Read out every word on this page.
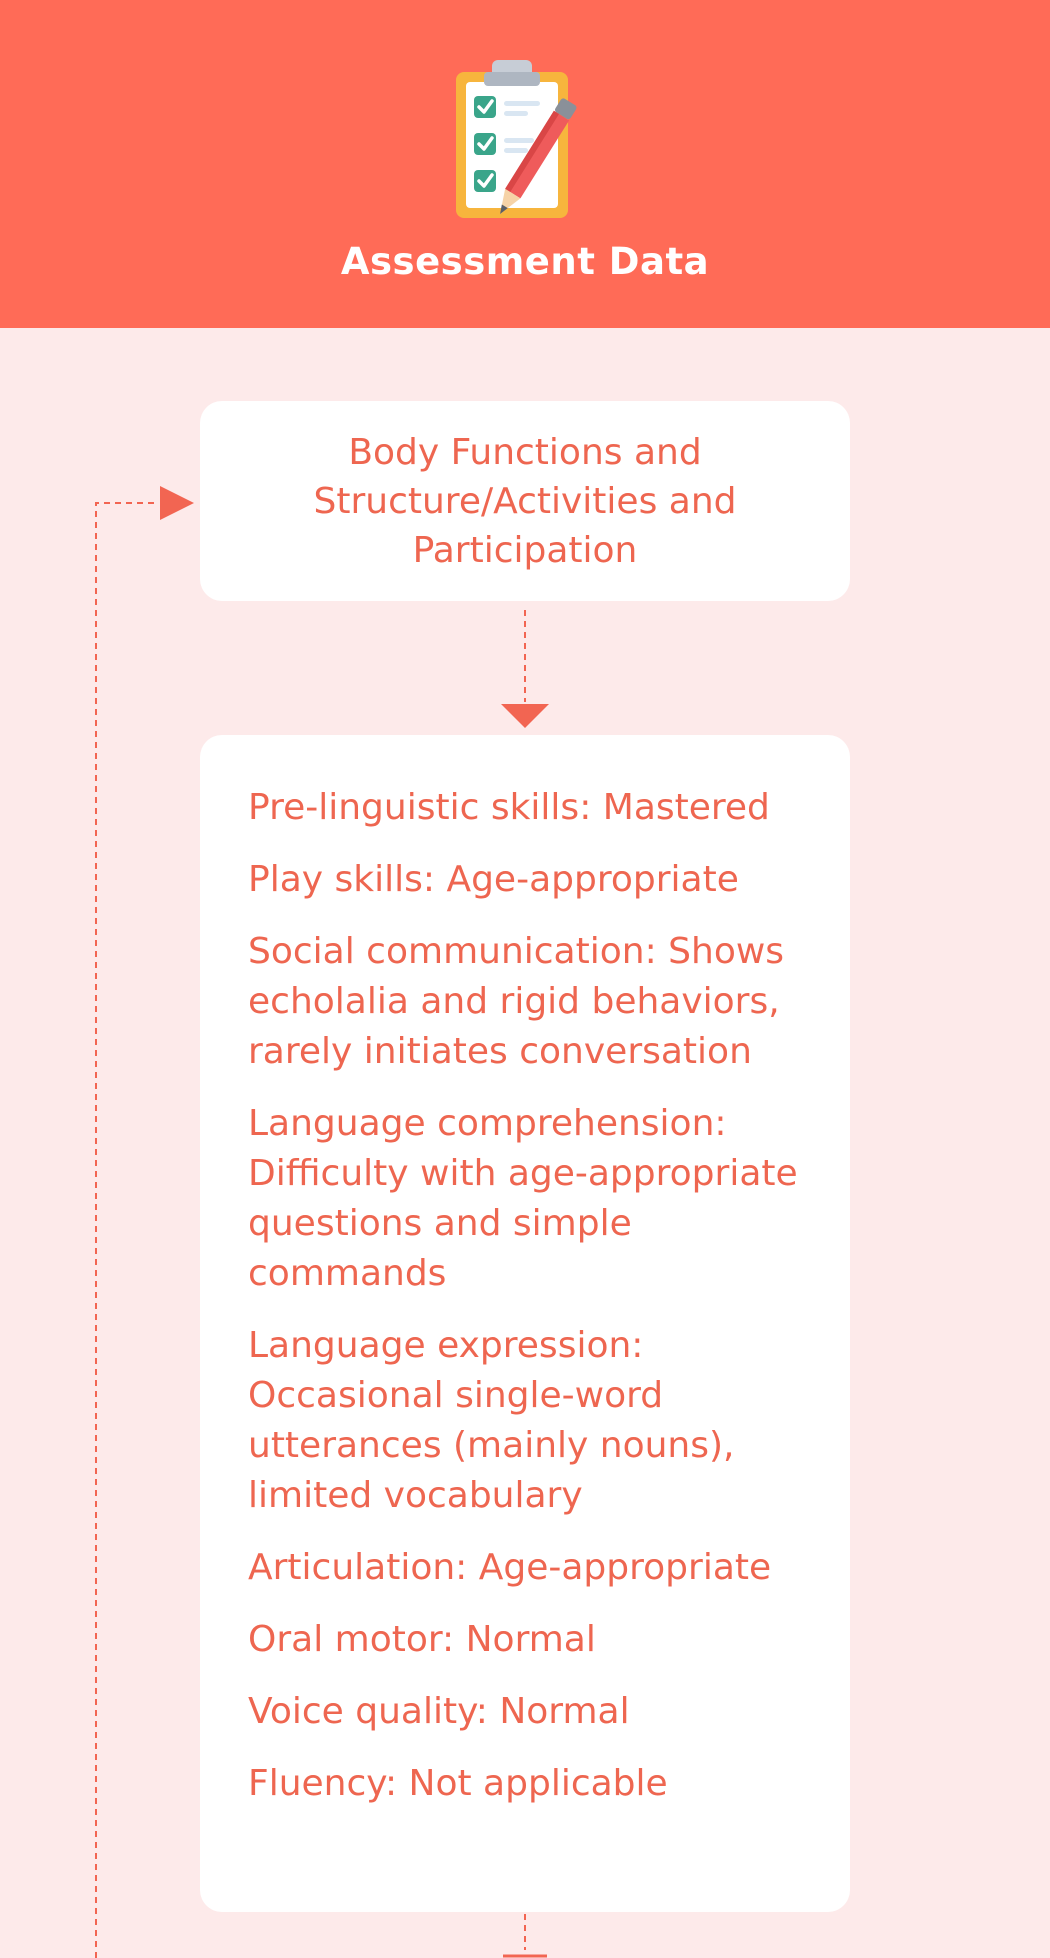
Assessment Data
Body Functions and Structure/Activities and Participation
Pre-linguistic skills: Mastered
Play skills: Age-appropriate
Social communication: Shows echolalia and rigid behaviors, rarely initiates conversation
Language comprehension: Difficulty with age-appropriate questions and simple commands
Language expression: Occasional single-word utterances (mainly nouns), limited vocabulary
Articulation: Age-appropriate
Oral motor: Normal
Voice quality: Normal
Fluency: Not applicable
